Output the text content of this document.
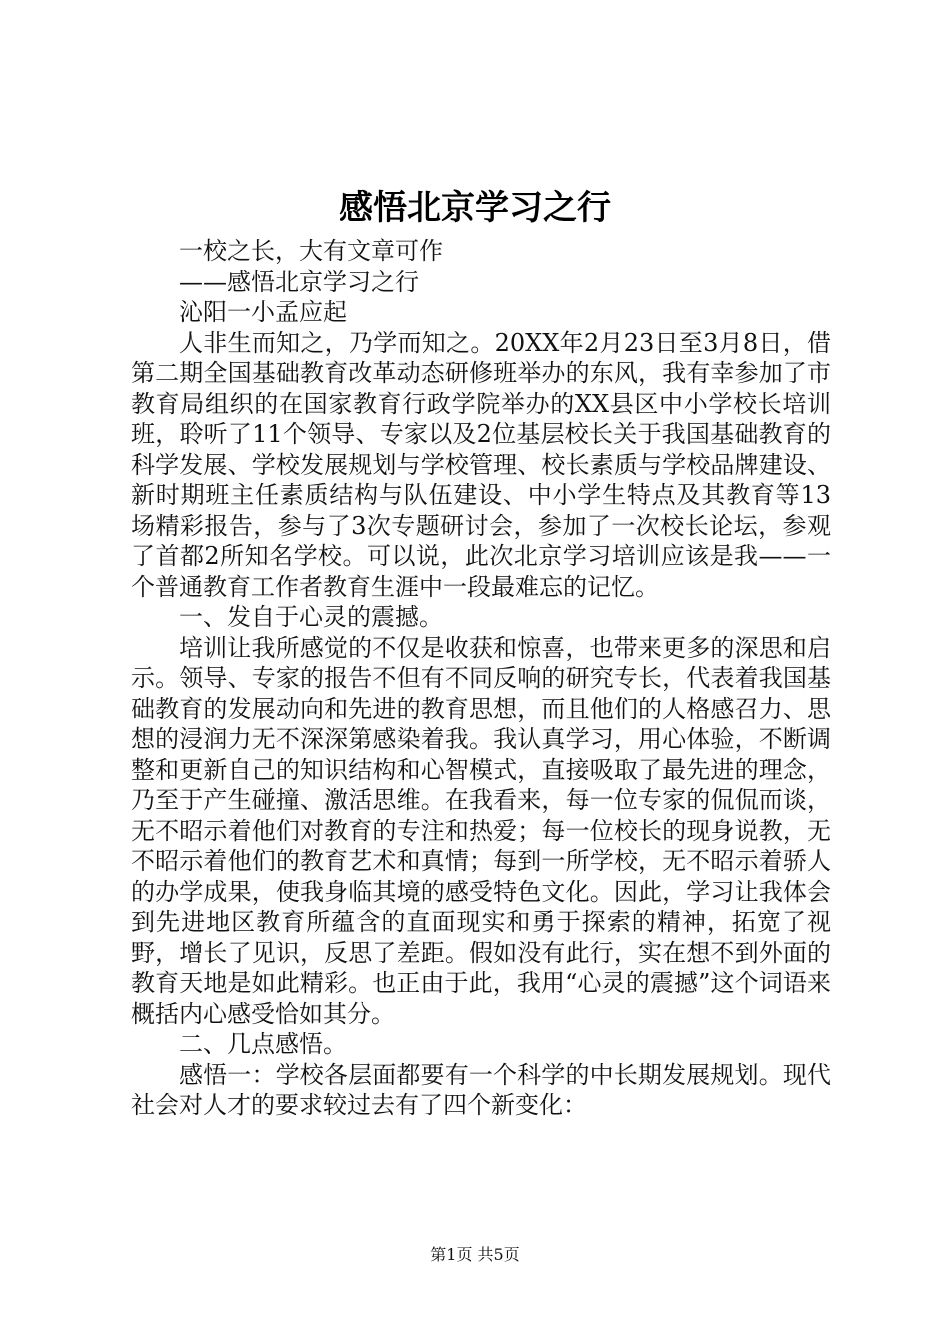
感悟北京学习之行

一校之长，大有文章可作

——感悟北京学习之行

沁阳一小孟应起

人非生而知之，乃学而知之。20XX年2月23日至3月8日，借第二期全国基础教育改革动态研修班举办的东风，我有幸参加了市教育局组织的在国家教育行政学院举办的XX县区中小学校长培训班，聆听了11个领导、专家以及2位基层校长关于我国基础教育的科学发展、学校发展规划与学校管理、校长素质与学校品牌建设、新时期班主任素质结构与队伍建设、中小学生特点及其教育等13场精彩报告，参与了3次专题研讨会，参加了一次校长论坛，参观了首都2所知名学校。可以说，此次北京学习培训应该是我——一个普通教育工作者教育生涯中一段最难忘的记忆。

一、发自于心灵的震撼。

培训让我所感觉的不仅是收获和惊喜，也带来更多的深思和启示。领导、专家的报告不但有不同反响的研究专长，代表着我国基础教育的发展动向和先进的教育思想，而且他们的人格感召力、思想的浸润力无不深深第感染着我。我认真学习，用心体验，不断调整和更新自己的知识结构和心智模式，直接吸取了最先进的理念，乃至于产生碰撞、激活思维。在我看来，每一位专家的侃侃而谈，无不昭示着他们对教育的专注和热爱；每一位校长的现身说教，无不昭示着他们的教育艺术和真情；每到一所学校，无不昭示着骄人的办学成果，使我身临其境的感受特色文化。因此，学习让我体会到先进地区教育所蕴含的直面现实和勇于探索的精神，拓宽了视野，增长了见识，反思了差距。假如没有此行，实在想不到外面的教育天地是如此精彩。也正由于此，我用“心灵的震撼”这个词语来概括内心感受恰如其分。

二、几点感悟。

感悟一：学校各层面都要有一个科学的中长期发展规划。现代社会对人才的要求较过去有了四个新变化：

第1页 共5页
